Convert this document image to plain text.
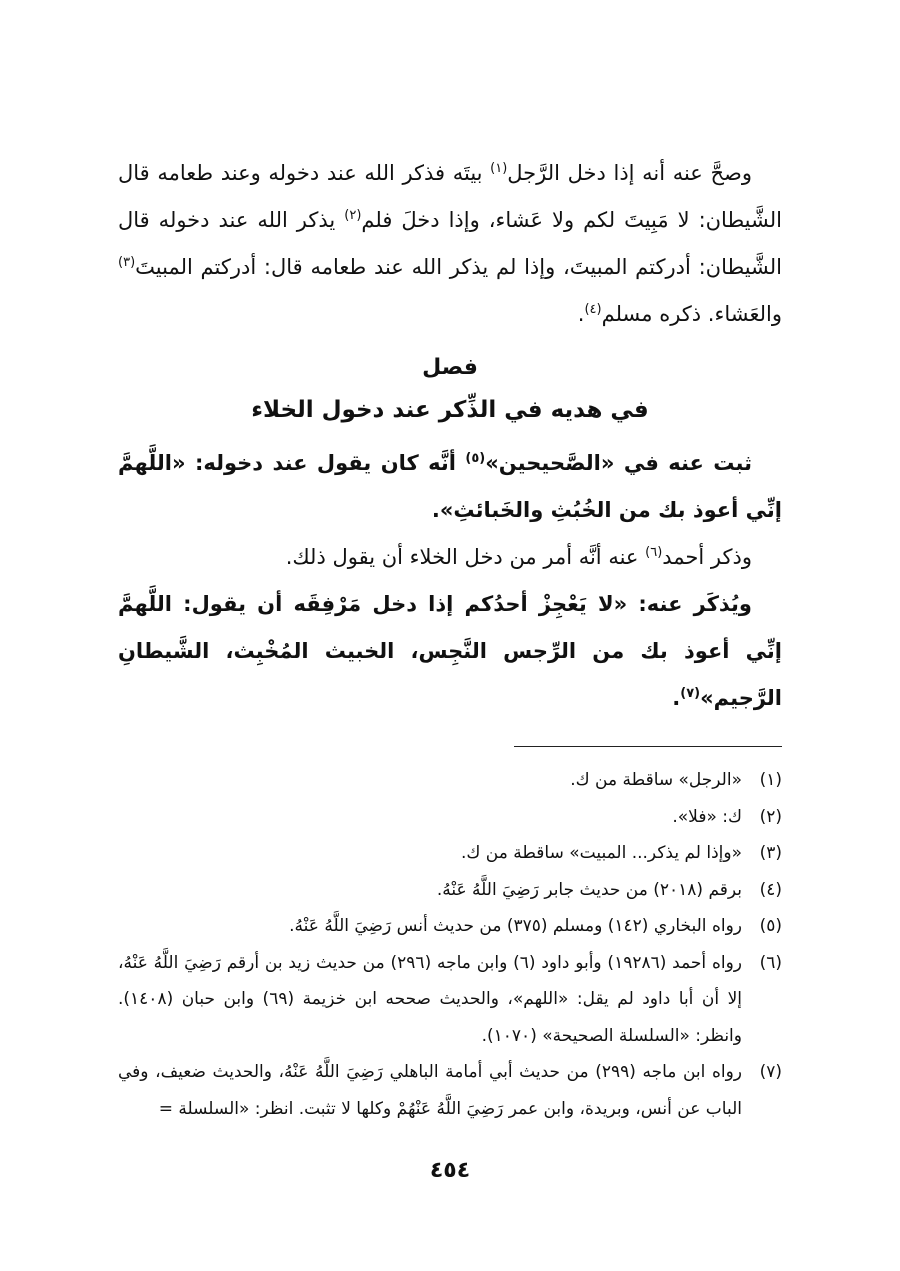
وصحَّ عنه أنه إذا دخل الرَّجل$^{(١)}$ بيتَه فذكر الله عند دخوله وعند طعامه قال الشَّيطان: لا مَبِيتَ لكم ولا عَشاء، وإذا دخلَ فلم$^{(٢)}$ يذكر الله عند دخوله قال الشَّيطان: أدركتم المبيتَ، وإذا لم يذكر الله عند طعامه قال: أدركتم المبيتَ$^{(٣)}$ والعَشاء. ذكره مسلم$^{(٤)}$.

فصل

في هديه في الذِّكر عند دخول الخلاء

ثبت عنه في «الصَّحيحين»$^{(٥)}$ أنَّه كان يقول عند دخوله: «اللَّهمَّ إنِّي أعوذ بك من الخُبُثِ والخَبائثِ».

وذكر أحمد$^{(٦)}$ عنه أنَّه أمر من دخل الخلاء أن يقول ذلك.

ويُذكَر عنه: «لا يَعْجِزْ أحدُكم إذا دخل مَرْفِقَه أن يقول: اللَّهمَّ إنِّي أعوذ بك من الرِّجس النَّجِس، الخبيث المُخْبِث، الشَّيطانِ الرَّجيم»$^{(٧)}$.

(١)
«الرجل» ساقطة من ك.
(٢)
ك: «فلا».
(٣)
«وإذا لم يذكر... المبيت» ساقطة من ك.
(٤)
برقم (٢٠١٨) من حديث جابر رَضِيَ اللَّهُ عَنْهُ.
(٥)
رواه البخاري (١٤٢) ومسلم (٣٧٥) من حديث أنس رَضِيَ اللَّهُ عَنْهُ.
(٦)
رواه أحمد (١٩٢٨٦) وأبو داود (٦) وابن ماجه (٢٩٦) من حديث زيد بن أرقم رَضِيَ اللَّهُ عَنْهُ، إلا أن أبا داود لم يقل: «اللهم»، والحديث صححه ابن خزيمة (٦٩) وابن حبان (١٤٠٨). وانظر: «السلسلة الصحيحة» (١٠٧٠).
(٧)
رواه ابن ماجه (٢٩٩) من حديث أبي أمامة الباهلي رَضِيَ اللَّهُ عَنْهُ، والحديث ضعيف، وفي الباب عن أنس، وبريدة، وابن عمر رَضِيَ اللَّهُ عَنْهُمْ وكلها لا تثبت. انظر: «السلسلة =
٤٥٤
